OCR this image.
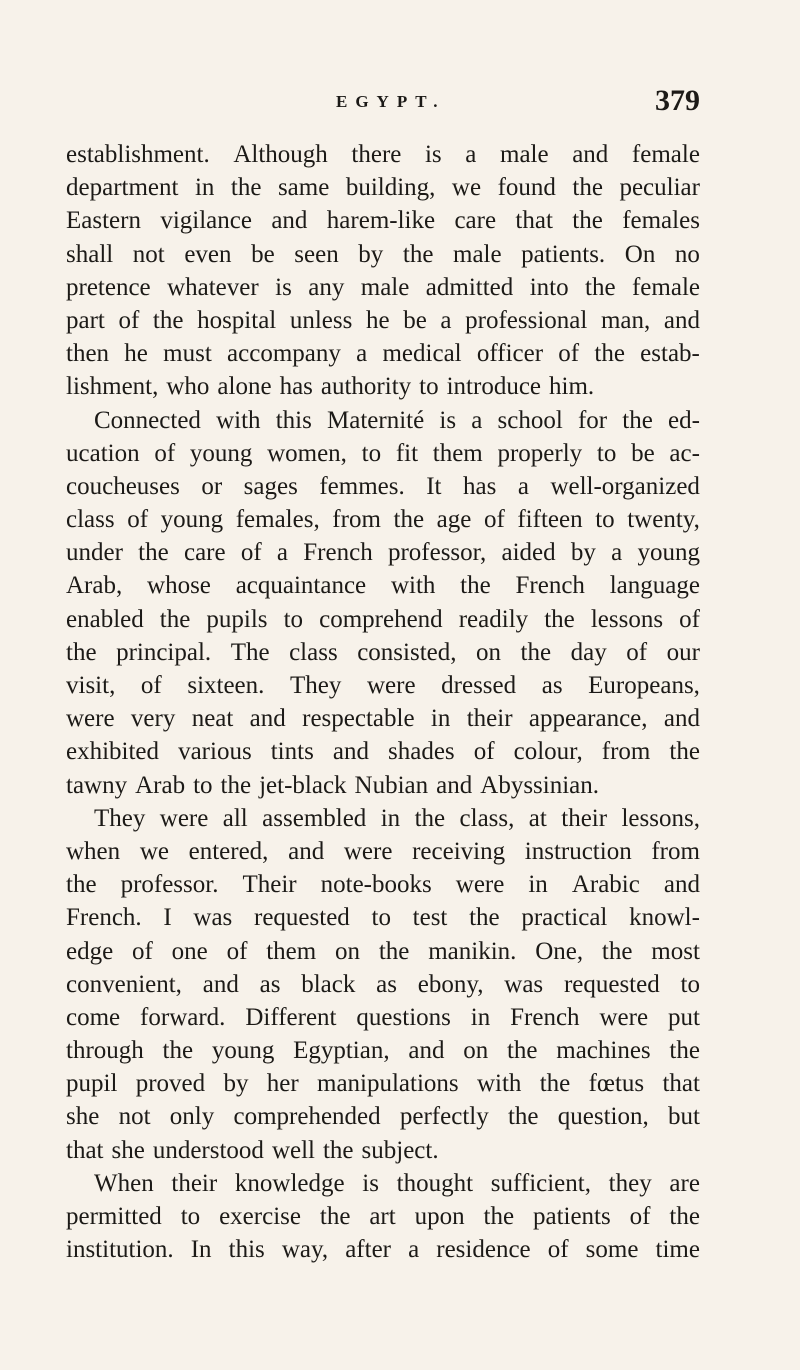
EGYPT.	379
establishment. Although there is a male and female
department in the same building, we found the peculiar
Eastern vigilance and harem-like care that the females
shall not even be seen by the male patients. On no
pretence whatever is any male admitted into the female
part of the hospital unless he be a professional man, and
then he must accompany a medical officer of the estab-
lishment, who alone has authority to introduce him.
Connected with this Maternité is a school for the ed-
ucation of young women, to fit them properly to be ac-
coucheuses or sages femmes. It has a well-organized
class of young females, from the age of fifteen to twenty,
under the care of a French professor, aided by a young
Arab, whose acquaintance with the French language
enabled the pupils to comprehend readily the lessons of
the principal. The class consisted, on the day of our
visit, of sixteen. They were dressed as Europeans,
were very neat and respectable in their appearance, and
exhibited various tints and shades of colour, from the
tawny Arab to the jet-black Nubian and Abyssinian.
They were all assembled in the class, at their lessons,
when we entered, and were receiving instruction from
the professor. Their note-books were in Arabic and
French. I was requested to test the practical knowl-
edge of one of them on the manikin. One, the most
convenient, and as black as ebony, was requested to
come forward. Different questions in French were put
through the young Egyptian, and on the machines the
pupil proved by her manipulations with the fœtus that
she not only comprehended perfectly the question, but
that she understood well the subject.
When their knowledge is thought sufficient, they are
permitted to exercise the art upon the patients of the
institution. In this way, after a residence of some time
